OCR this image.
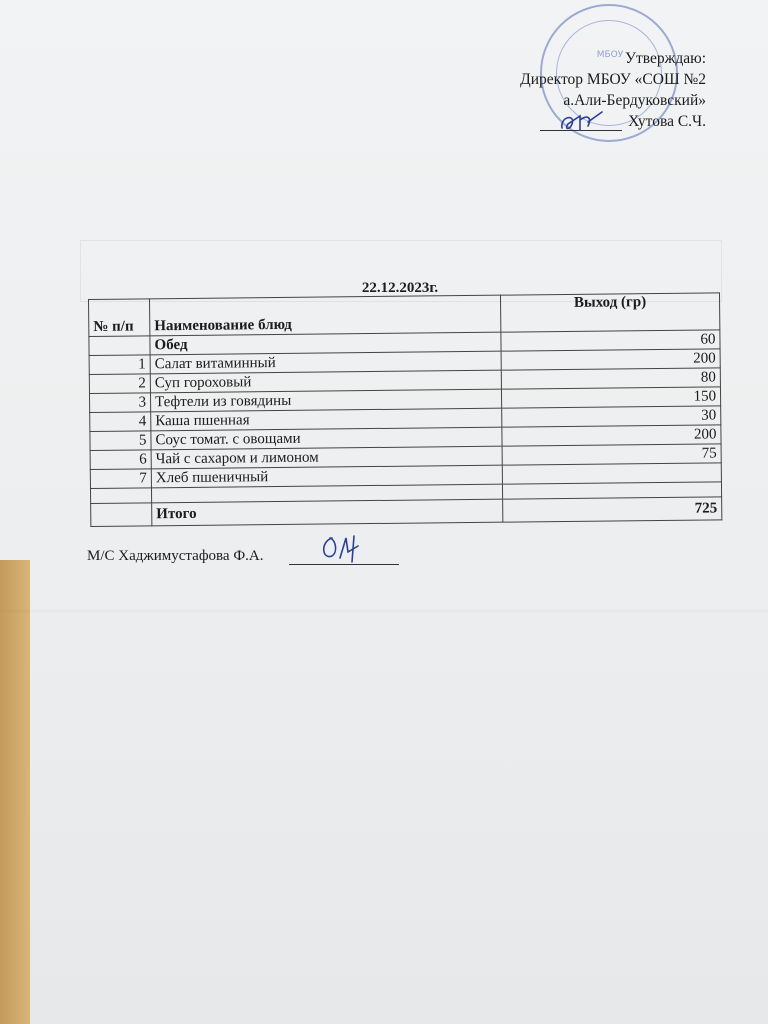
МБОУ Утверждаю:
Директор МБОУ «СОШ №2
а.Али-Бердуковский»
Хутова С.Ч.
22.12.2023г.
№ п/п	Наименование блюд	Выход (гр)
	Обед	60
1	Салат витаминный	200
2	Суп гороховый	80
3	Тефтели из говядины	150
4	Каша пшенная	30
5	Соус томат. с овощами	200
6	Чай с сахаром и лимоном	75
7	Хлеб пшеничный	

	Итого	725
М/С Хаджимустафова Ф.А.
